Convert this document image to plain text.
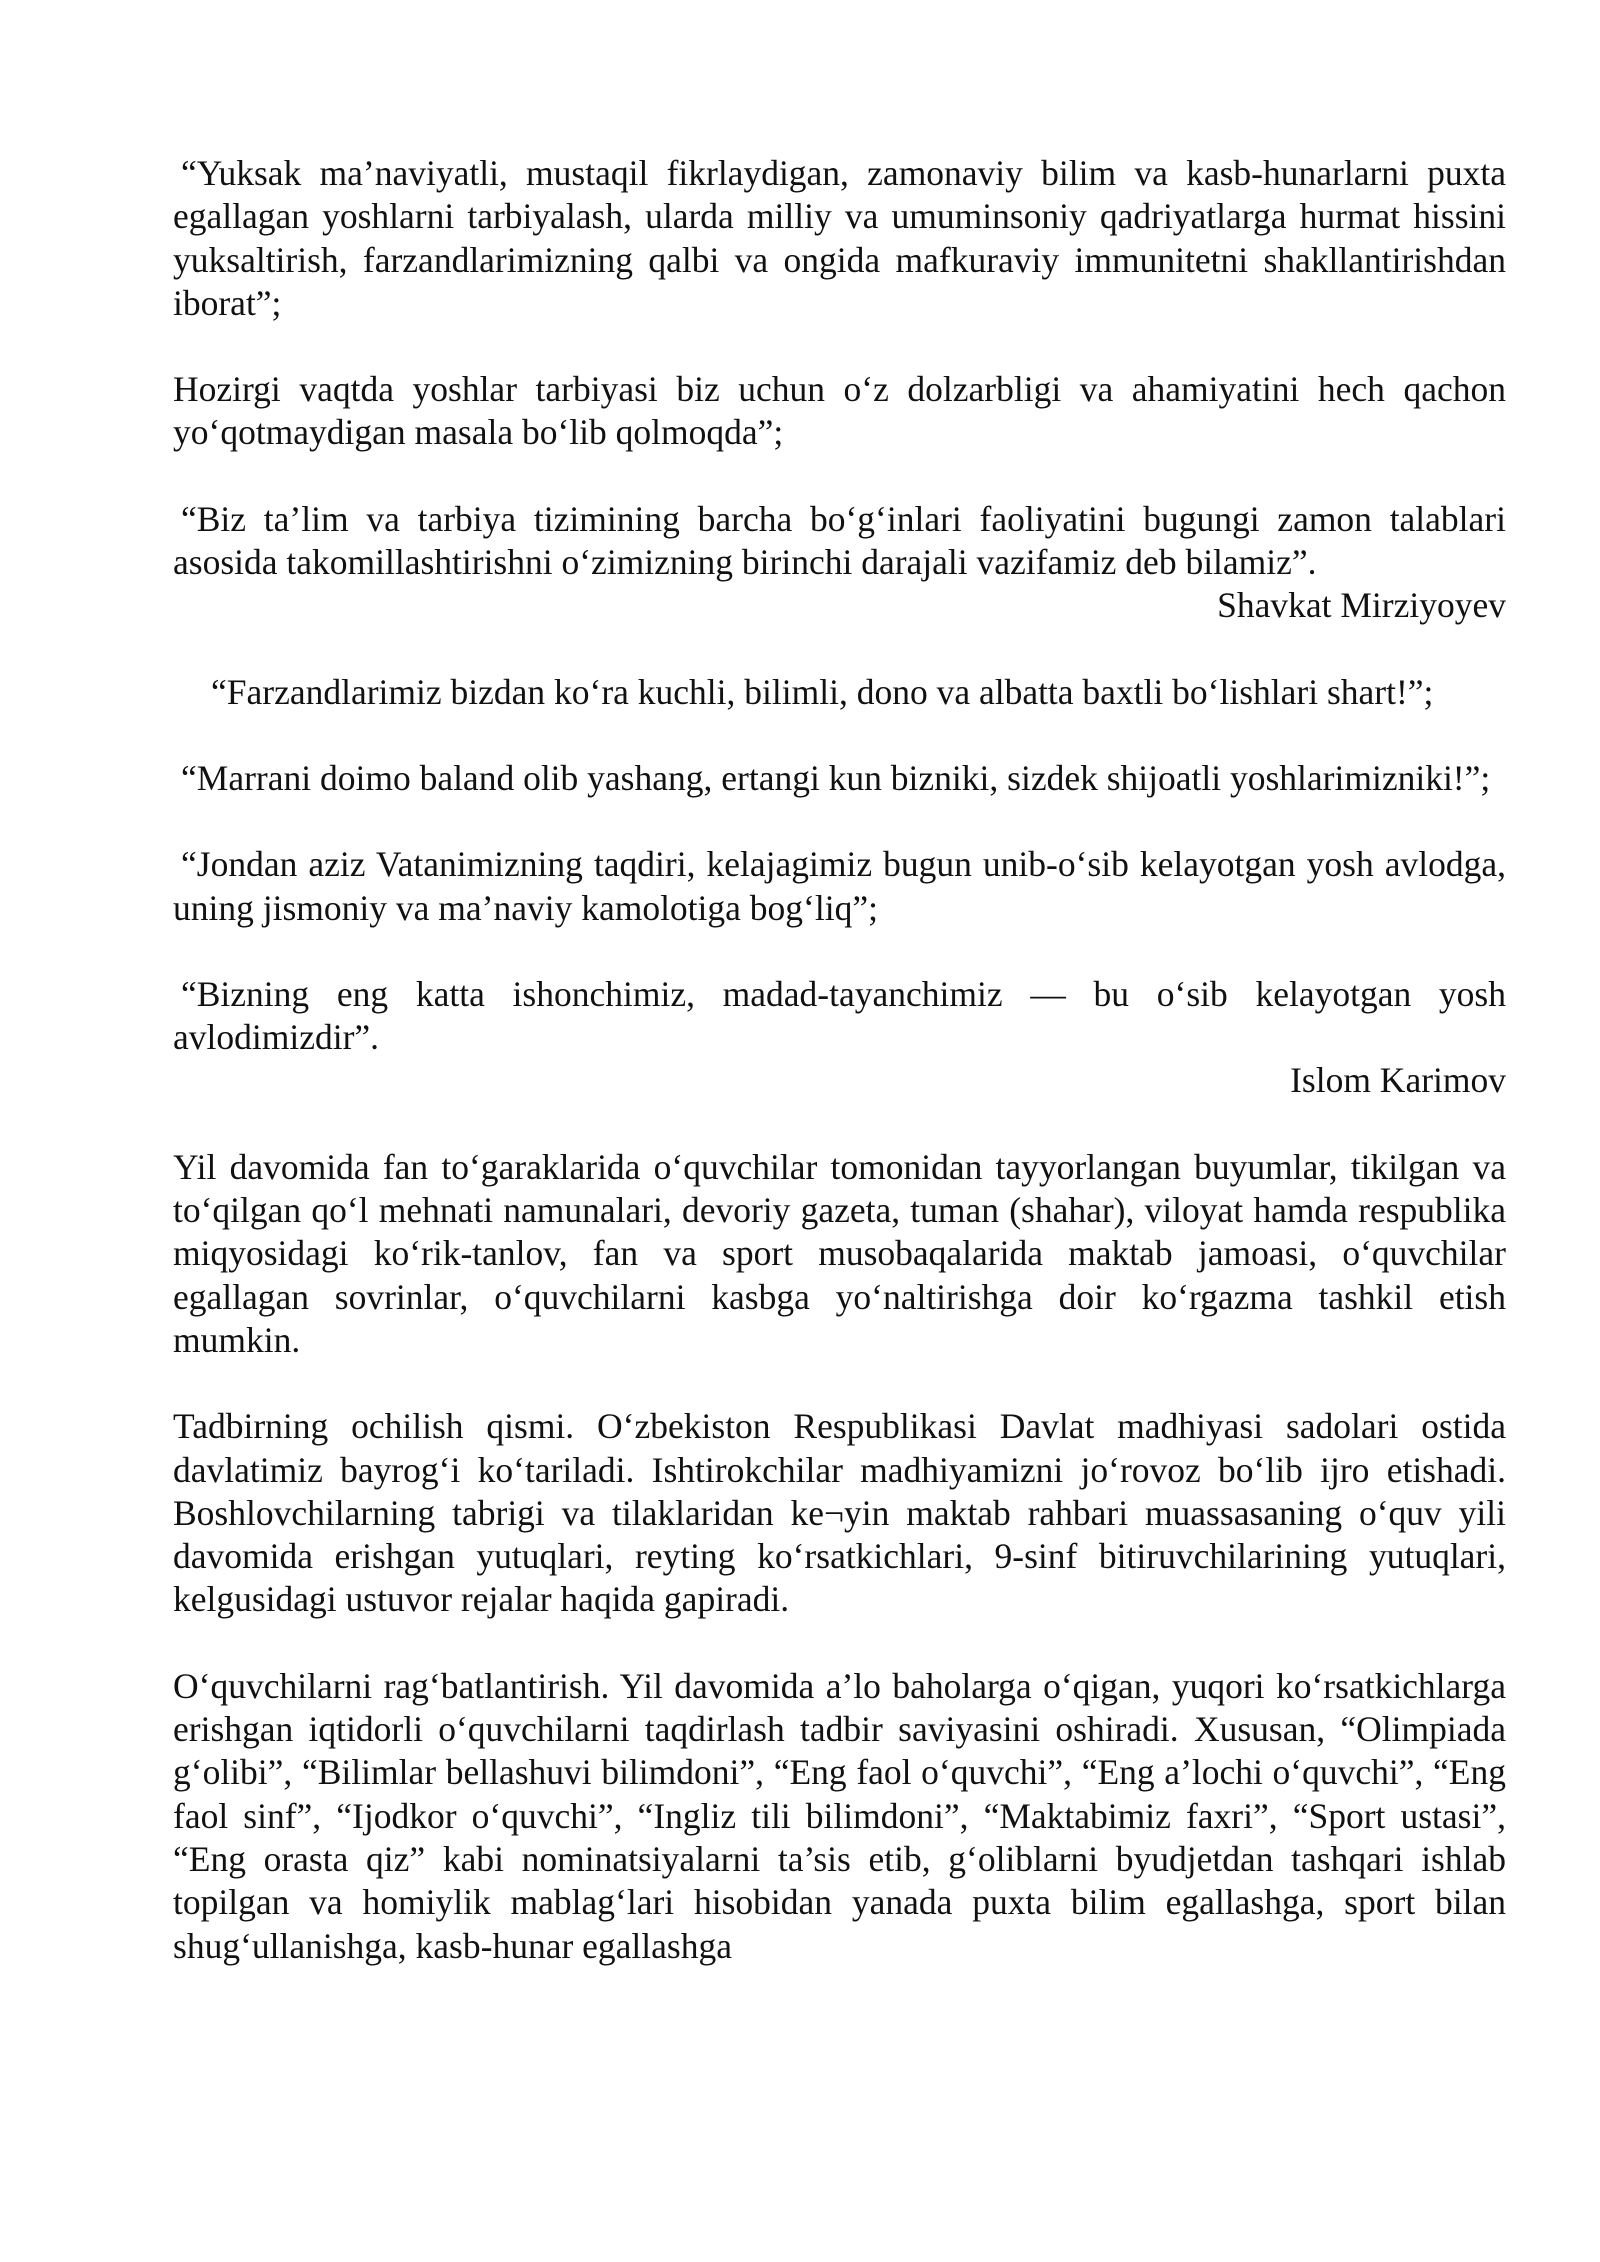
“Yuksak ma’naviyatli, mustaqil fikrlaydigan, zamonaviy bilim va kasb-hunarlarni puxta egallagan yoshlarni tarbiyalash, ularda milliy va umuminsoniy qadriyatlarga hurmat hissini yuksaltirish, farzandlarimizning qalbi va ongida mafkuraviy immunitetni shakllantirishdan iborat”;

Hozirgi vaqtda yoshlar tarbiyasi biz uchun o‘z dolzarbligi va ahamiyatini hech qachon yo‘qotmaydigan masala bo‘lib qolmoqda”;

“Biz ta’lim va tarbiya tizimining barcha bo‘g‘inlari faoliyatini bugungi zamon talablari asosida takomillashtirishni o‘zimizning birinchi darajali vazifamiz deb bilamiz”.

Shavkat Mirziyoyev

“Farzandlarimiz bizdan ko‘ra kuchli, bilimli, dono va albatta baxtli bo‘lishlari shart!”;

“Marrani doimo baland olib yashang, ertangi kun bizniki, sizdek shijoatli yoshlarimizniki!”;

“Jondan aziz Vatanimizning taqdiri, kelajagimiz bugun unib-o‘sib kelayotgan yosh avlodga, uning jismoniy va ma’naviy kamolotiga bog‘liq”;

“Bizning eng katta ishonchimiz, madad-tayanchimiz — bu o‘sib kelayotgan yosh avlodimizdir”.

Islom Karimov

Yil davomida fan to‘garaklarida o‘quvchilar tomonidan tayyorlangan buyumlar, tikilgan va to‘qilgan qo‘l mehnati namunalari, devoriy gazeta, tuman (shahar), viloyat hamda respublika miqyosidagi ko‘rik-tanlov, fan va sport musobaqalarida maktab jamoasi, o‘quvchilar egallagan sovrinlar, o‘quvchilarni kasbga yo‘naltirishga doir ko‘rgazma tashkil etish mumkin.

Tadbirning ochilish qismi. O‘zbekiston Respublikasi Davlat madhiyasi sadolari ostida davlatimiz bayrog‘i ko‘tariladi. Ishtirokchilar madhiyamizni jo‘rovoz bo‘lib ijro etishadi. Boshlovchilarning tabrigi va tilaklaridan ke¬yin maktab rahbari muassasaning o‘quv yili davomida erishgan yutuqlari, reyting ko‘rsatkichlari, 9-sinf bitiruvchilarining yutuqlari, kelgusidagi ustuvor rejalar haqida gapiradi.

O‘quvchilarni rag‘batlantirish. Yil davomida a’lo baholarga o‘qigan, yuqori ko‘rsatkichlarga erishgan iqtidorli o‘quvchilarni taqdirlash tadbir saviyasini oshiradi. Xususan, “Olimpiada g‘olibi”, “Bilimlar bellashuvi bilimdoni”, “Eng faol o‘quvchi”, “Eng a’lochi o‘quvchi”, “Eng faol sinf”, “Ijodkor o‘quvchi”, “Ingliz tili bilimdoni”, “Maktabimiz faxri”, “Sport ustasi”, “Eng orasta qiz” kabi nominatsiyalarni ta’sis etib, g‘oliblarni byudjetdan tashqari ishlab topilgan va homiylik mablag‘lari hisobidan yanada puxta bilim egallashga, sport bilan shug‘ullanishga, kasb-hunar egallashga
